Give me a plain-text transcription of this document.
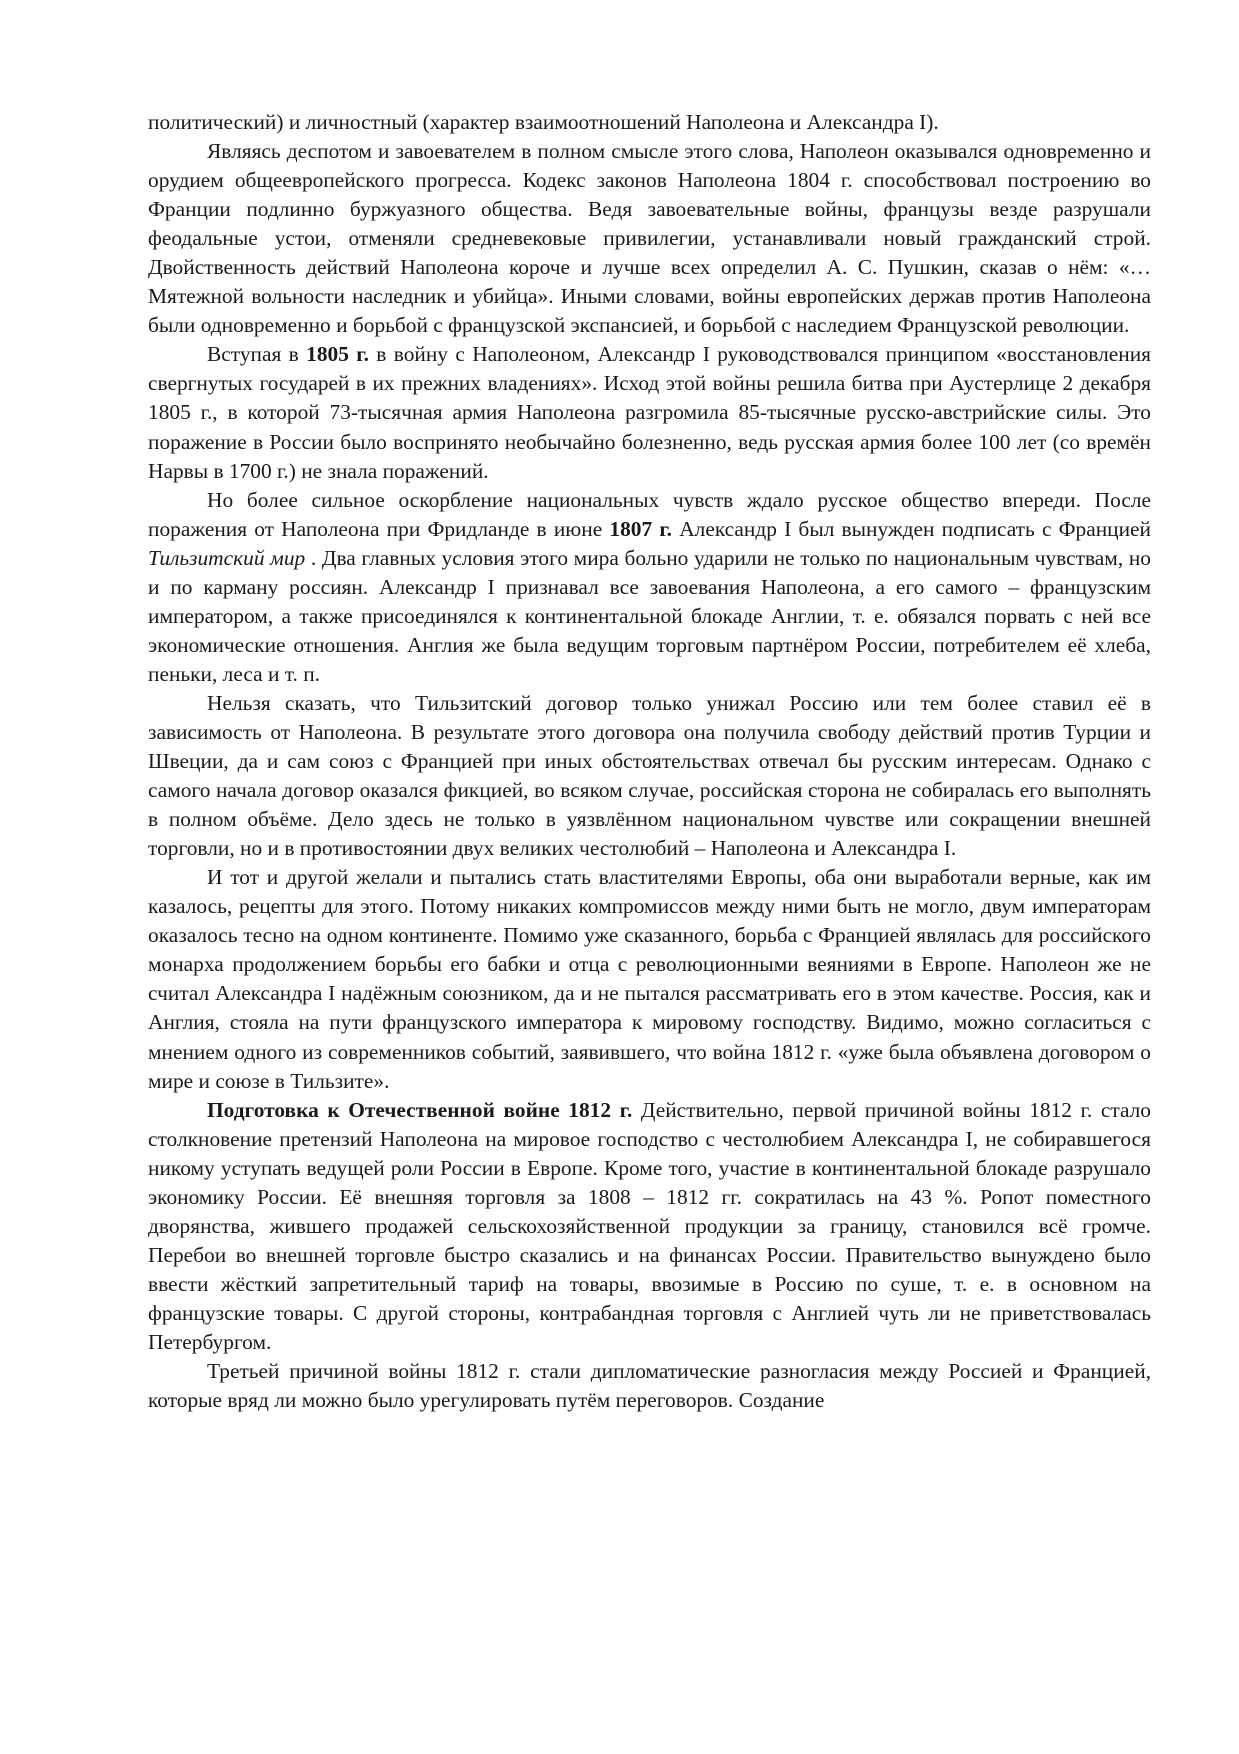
политический) и личностный (характер взаимоотношений Наполеона и Александра I).

Являясь деспотом и завоевателем в полном смысле этого слова, Наполеон оказывался одновременно и орудием общеевропейского прогресса. Кодекс законов Наполеона 1804 г. способствовал построению во Франции подлинно буржуазного общества. Ведя завоевательные войны, французы везде разрушали феодальные устои, отменяли средневековые привилегии, устанавливали новый гражданский строй. Двойственность действий Наполеона короче и лучше всех определил А. С. Пушкин, сказав о нём: «…Мятежной вольности наследник и убийца». Иными словами, войны европейских держав против Наполеона были одновременно и борьбой с французской экспансией, и борьбой с наследием Французской революции.

Вступая в 1805 г. в войну с Наполеоном, Александр I руководствовался принципом «восстановления свергнутых государей в их прежних владениях». Исход этой войны решила битва при Аустерлице 2 декабря 1805 г., в которой 73-тысячная армия Наполеона разгромила 85-тысячные русско-австрийские силы. Это поражение в России было воспринято необычайно болезненно, ведь русская армия более 100 лет (со времён Нарвы в 1700 г.) не знала поражений.

Но более сильное оскорбление национальных чувств ждало русское общество впереди. После поражения от Наполеона при Фридланде в июне 1807 г. Александр I был вынужден подписать с Францией Тильзитский мир . Два главных условия этого мира больно ударили не только по национальным чувствам, но и по карману россиян. Александр I признавал все завоевания Наполеона, а его самого – французским императором, а также присоединялся к континентальной блокаде Англии, т. е. обязался порвать с ней все экономические отношения. Англия же была ведущим торговым партнёром России, потребителем её хлеба, пеньки, леса и т. п.

Нельзя сказать, что Тильзитский договор только унижал Россию или тем более ставил её в зависимость от Наполеона. В результате этого договора она получила свободу действий против Турции и Швеции, да и сам союз с Францией при иных обстоятельствах отвечал бы русским интересам. Однако с самого начала договор оказался фикцией, во всяком случае, российская сторона не собиралась его выполнять в полном объёме. Дело здесь не только в уязвлённом национальном чувстве или сокращении внешней торговли, но и в противостоянии двух великих честолюбий – Наполеона и Александра I.

И тот и другой желали и пытались стать властителями Европы, оба они выработали верные, как им казалось, рецепты для этого. Потому никаких компромиссов между ними быть не могло, двум императорам оказалось тесно на одном континенте. Помимо уже сказанного, борьба с Францией являлась для российского монарха продолжением борьбы его бабки и отца с революционными веяниями в Европе. Наполеон же не считал Александра I надёжным союзником, да и не пытался рассматривать его в этом качестве. Россия, как и Англия, стояла на пути французского императора к мировому господству. Видимо, можно согласиться с мнением одного из современников событий, заявившего, что война 1812 г. «уже была объявлена договором о мире и союзе в Тильзите».

Подготовка к Отечественной войне 1812 г. Действительно, первой причиной войны 1812 г. стало столкновение претензий Наполеона на мировое господство с честолюбием Александра I, не собиравшегося никому уступать ведущей роли России в Европе. Кроме того, участие в континентальной блокаде разрушало экономику России. Её внешняя торговля за 1808 – 1812 гг. сократилась на 43 %. Ропот поместного дворянства, жившего продажей сельскохозяйственной продукции за границу, становился всё громче. Перебои во внешней торговле быстро сказались и на финансах России. Правительство вынуждено было ввести жёсткий запретительный тариф на товары, ввозимые в Россию по суше, т. е. в основном на французские товары. С другой стороны, контрабандная торговля с Англией чуть ли не приветствовалась Петербургом.

Третьей причиной войны 1812 г. стали дипломатические разногласия между Россией и Францией, которые вряд ли можно было урегулировать путём переговоров. Создание
